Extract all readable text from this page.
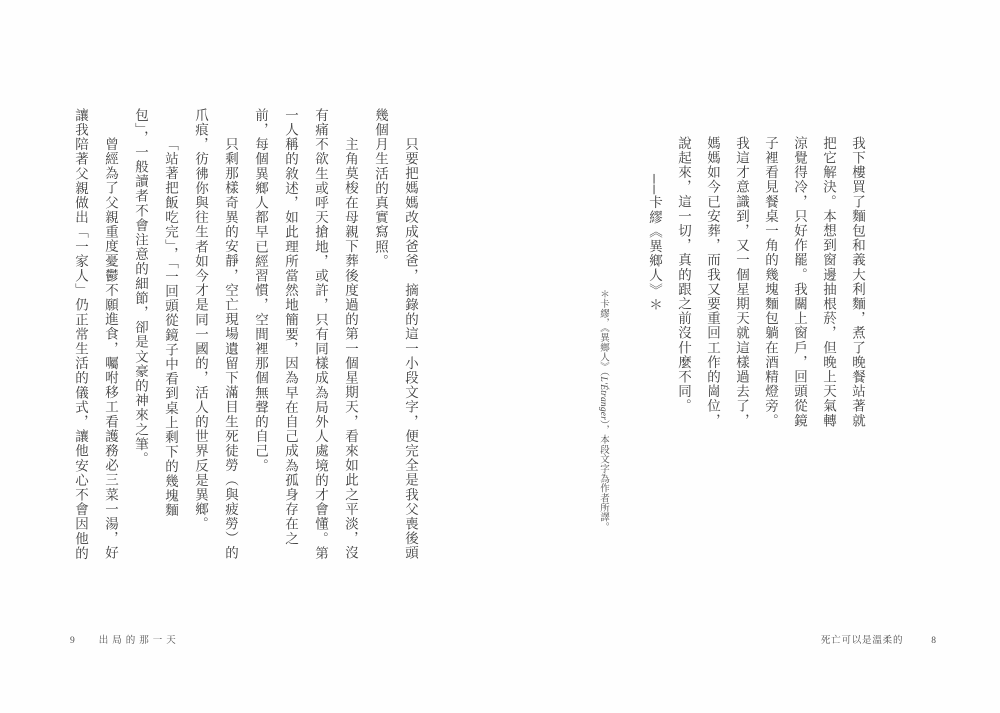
我下樓買了麵包和義大利麵，煮了晚餐站著就
把它解決。本想到窗邊抽根菸，但晚上天氣轉
涼覺得冷，只好作罷。我關上窗戶，回頭從鏡
子裡看見餐桌一角的幾塊麵包躺在酒精燈旁。
我這才意識到，又一個星期天就這樣過去了，
媽媽如今已安葬，而我又要重回工作的崗位，
說起來，這一切，真的跟之前沒什麼不同。
──卡繆《異鄉人》＊
＊卡繆，《異鄉人》（L'Étranger），本段文字為作者所譯。
只要把媽媽改成爸爸，摘錄的這一小段文字，便完全是我父喪後頭
幾個月生活的真實寫照。
主角莫梭在母親下葬後度過的第一個星期天，看來如此之平淡，沒
有痛不欲生或呼天搶地，或許，只有同樣成為局外人處境的才會懂。第
一人稱的敘述，如此理所當然地簡要，因為早在自己成為孤身存在之
前，每個異鄉人都早已經習慣，空間裡那個無聲的自己。
只剩那樣奇異的安靜，空亡現場遺留下滿目生死徒勞（與疲勞）的
爪痕，彷彿你與往生者如今才是同一國的，活人的世界反是異鄉。
「站著把飯吃完」，「一回頭從鏡子中看到桌上剩下的幾塊麵
包」，一般讀者不會注意的細節，卻是文豪的神來之筆。
曾經為了父親重度憂鬱不願進食，囑咐移工看護務必三菜一湯，好
讓我陪著父親做出「一家人」仍正常生活的儀式，讓他安心不會因他的
9	出局的那一天	死亡可以是溫柔的	8
